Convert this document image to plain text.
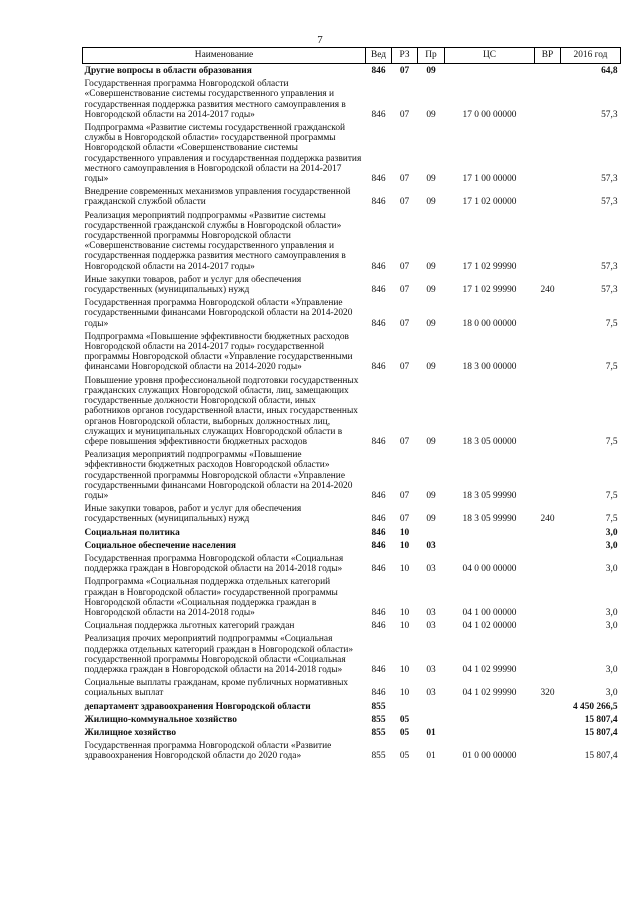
7
Наименование	Вед	РЗ	Пр	ЦС	ВР	2016 год
Другие вопросы в области образования	846	07	09			64,8
Государственная программа Новгородской области «Совершенствование системы государственного управления и государственная поддержка развития местного самоуправления в Новгородской области на 2014-2017 годы»	846	07	09	17 0 00 00000		57,3
Подпрограмма «Развитие системы государственной гражданской службы в Новгородской области» государственной программы Новгородской области «Совершенствование системы государственного управления и государственная поддержка развития местного самоуправления в Новгородской области на 2014-2017 годы»	846	07	09	17 1 00 00000		57,3
Внедрение современных механизмов управления государственной гражданской службой области	846	07	09	17 1 02 00000		57,3
Реализация мероприятий подпрограммы «Развитие системы государственной гражданской службы в Новгородской области» государственной программы Новгородской области «Совершенствование системы государственного управления и государственная поддержка развития местного самоуправления в Новгородской области на 2014-2017 годы»	846	07	09	17 1 02 99990		57,3
Иные закупки товаров, работ и услуг для обеспечения государственных (муниципальных) нужд	846	07	09	17 1 02 99990	240	57,3
Государственная программа Новгородской области «Управление государственными финансами Новгородской области на 2014-2020 годы»	846	07	09	18 0 00 00000		7,5
Подпрограмма «Повышение эффективности бюджетных расходов Новгородской области на 2014-2017 годы» государственной программы Новгородской области «Управление государственными финансами Новгородской области на 2014-2020 годы»	846	07	09	18 3 00 00000		7,5
Повышение уровня профессиональной подготовки государственных гражданских служащих Новгородской области, лиц, замещающих государственные должности Новгородской области, иных работников органов государственной власти, иных государственных органов Новгородской области, выборных должностных лиц, служащих и муниципальных служащих Новгородской области в сфере повышения эффективности бюджетных расходов	846	07	09	18 3 05 00000		7,5
Реализация мероприятий подпрограммы «Повышение эффективности бюджетных расходов Новгородской области» государственной программы Новгородской области «Управление государственными финансами Новгородской области на 2014-2020 годы»	846	07	09	18 3 05 99990		7,5
Иные закупки товаров, работ и услуг для обеспечения государственных (муниципальных) нужд	846	07	09	18 3 05 99990	240	7,5
Социальная политика	846	10				3,0
Социальное обеспечение населения	846	10	03			3,0
Государственная программа Новгородской области «Социальная поддержка граждан в Новгородской области на 2014-2018 годы»	846	10	03	04 0 00 00000		3,0
Подпрограмма «Социальная поддержка отдельных категорий граждан в Новгородской области» государственной программы Новгородской области «Социальная поддержка граждан в Новгородской области на 2014-2018 годы»	846	10	03	04 1 00 00000		3,0
Социальная поддержка льготных категорий граждан	846	10	03	04 1 02 00000		3,0
Реализация прочих мероприятий подпрограммы «Социальная поддержка отдельных категорий граждан в Новгородской области» государственной программы Новгородской области «Социальная поддержка граждан в Новгородской области на 2014-2018 годы»	846	10	03	04 1 02 99990		3,0
Социальные выплаты гражданам, кроме публичных нормативных социальных выплат	846	10	03	04 1 02 99990	320	3,0
департамент здравоохранения Новгородской области	855					4 450 266,5
Жилищно-коммунальное хозяйство	855	05				15 807,4
Жилищное хозяйство	855	05	01			15 807,4
Государственная программа Новгородской области «Развитие здравоохранения Новгородской области до 2020 года»	855	05	01	01 0 00 00000		15 807,4
